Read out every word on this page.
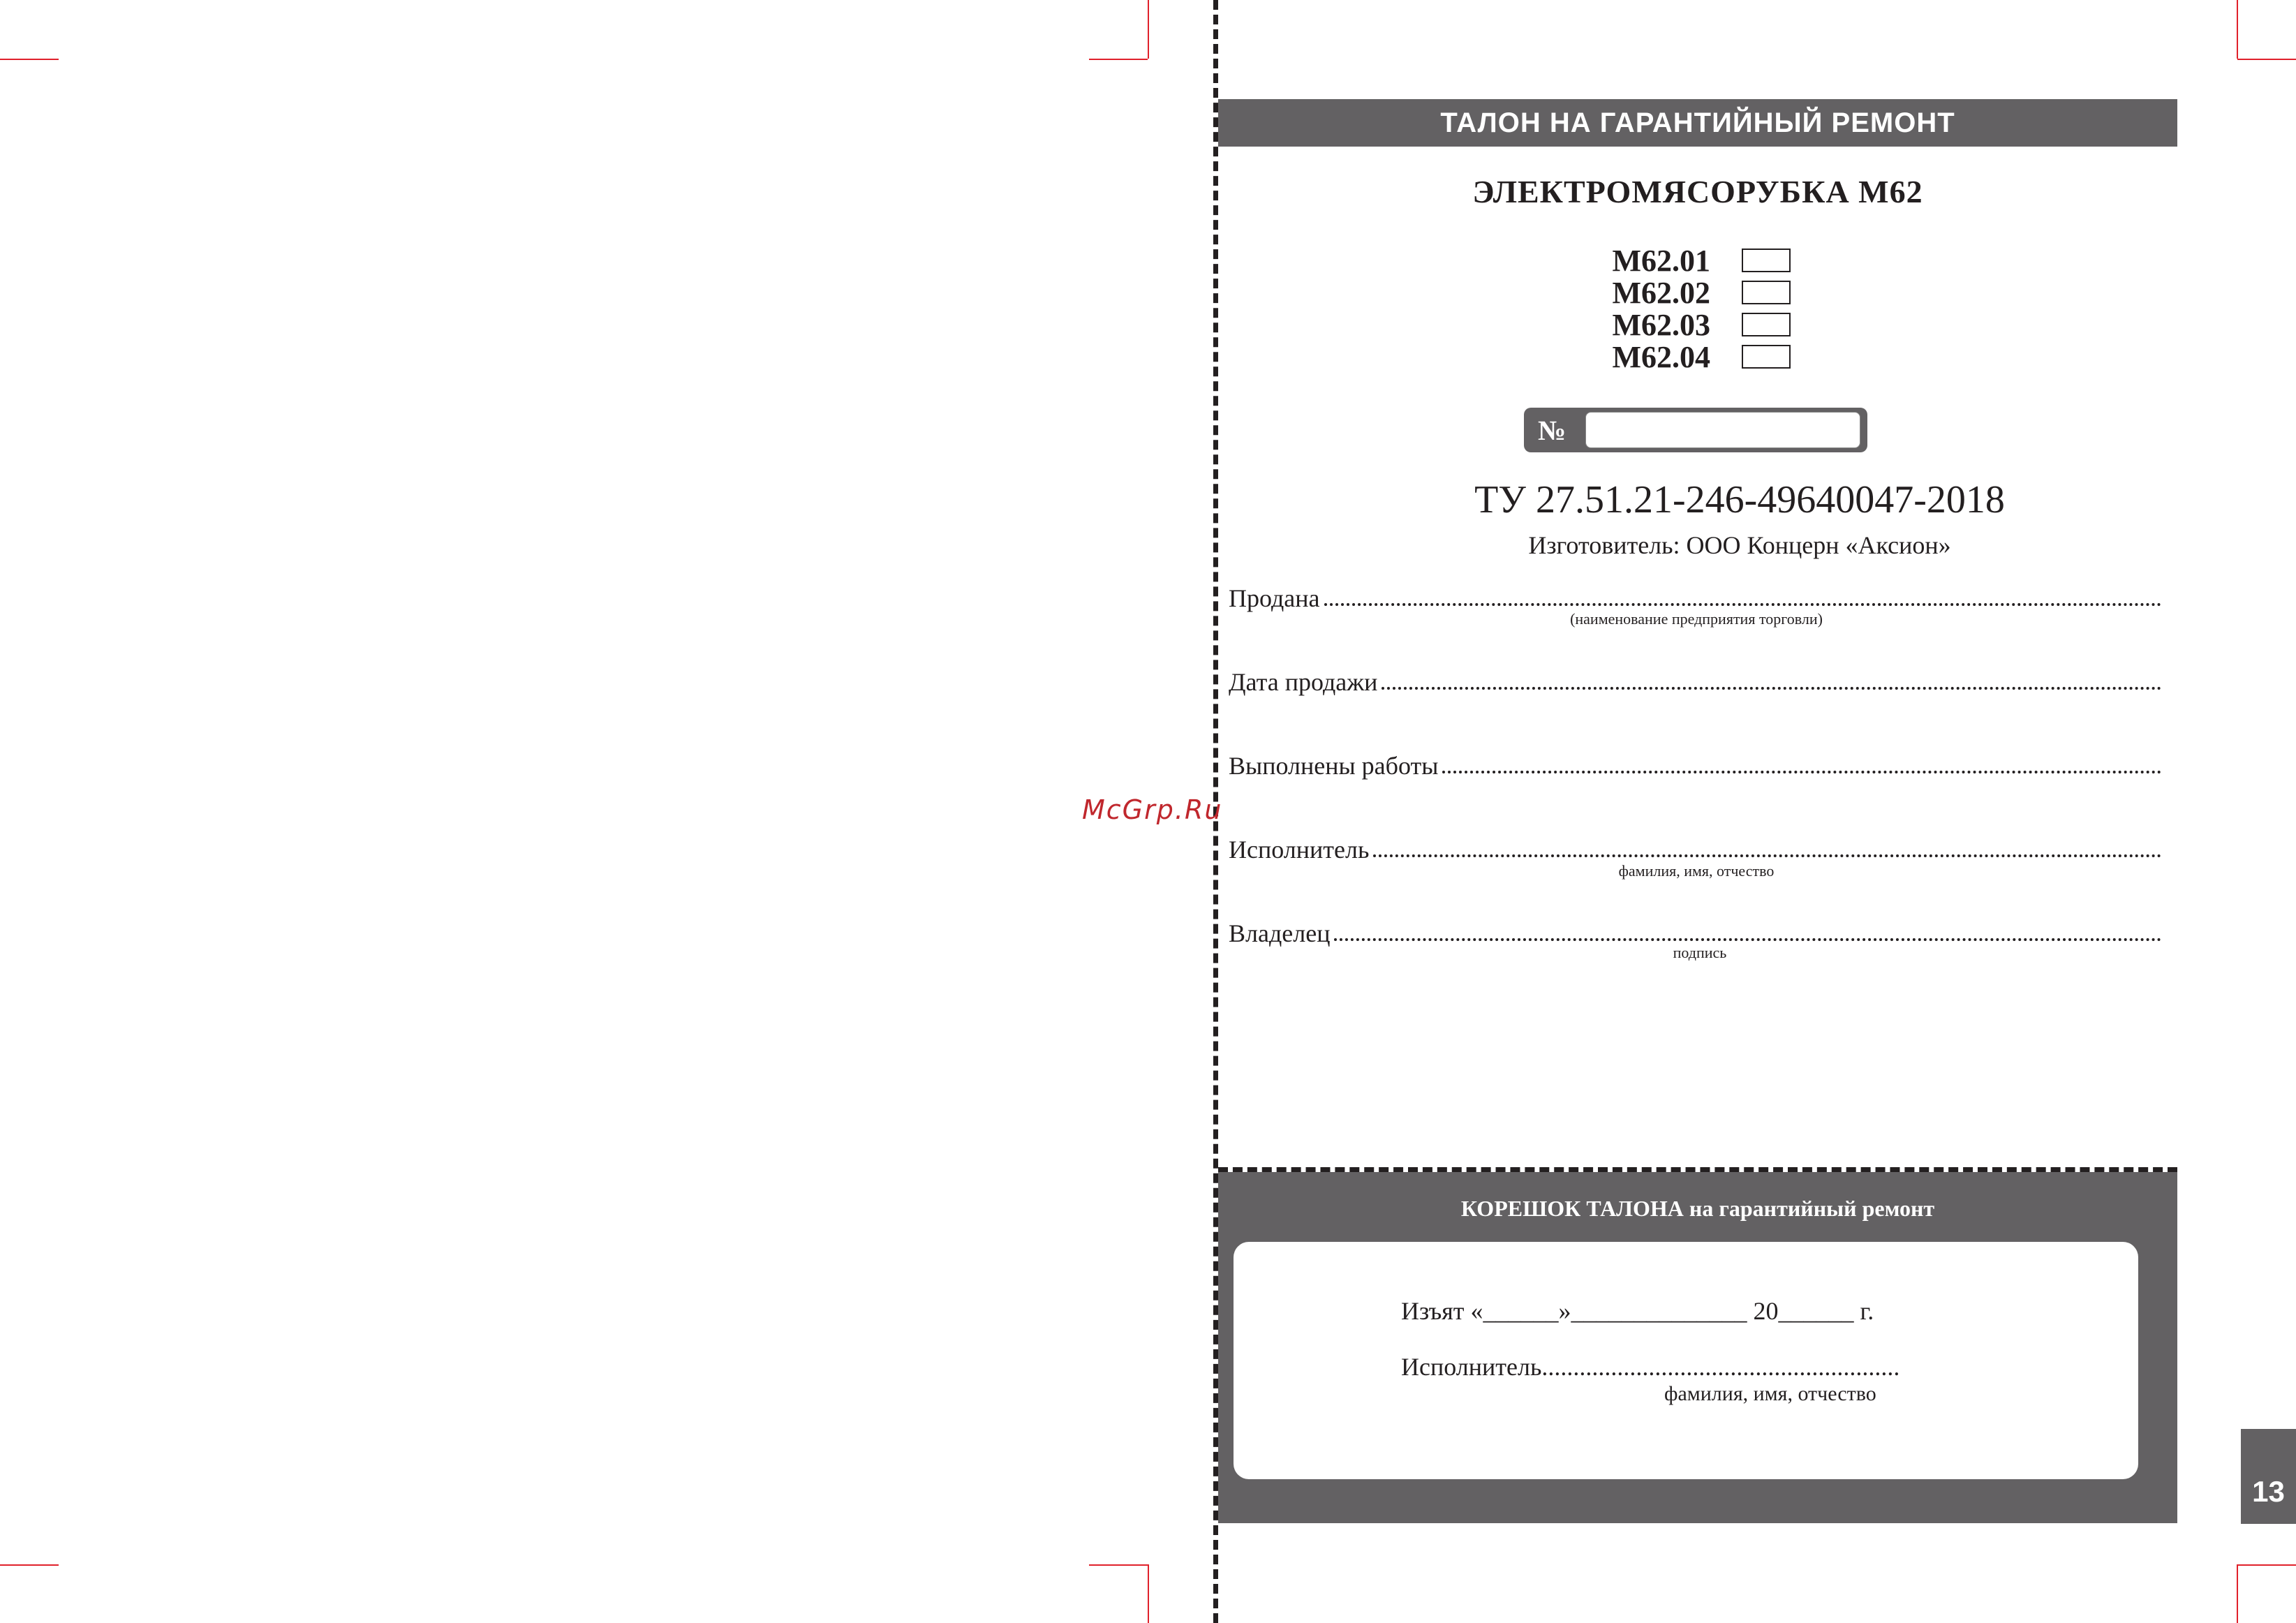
ТАЛОН НА ГАРАНТИЙНЫЙ РЕМОНТ
ЭЛЕКТРОМЯСОРУБКА М62
М62.01
М62.02
М62.03
М62.04
№
ТУ 27.51.21-246-49640047-2018
Изготовитель: ООО Концерн «Аксион»
Продана
(наименование предприятия торговли)
Дата продажи
Выполнены работы
Исполнитель
фамилия, имя, отчество
Владелец
подпись
McGrp.Ru
КОРЕШОК ТАЛОНА на гарантийный ремонт
Изъят «______»______________ 20______ г.
Исполнитель.........................................................
фамилия, имя, отчество
13
